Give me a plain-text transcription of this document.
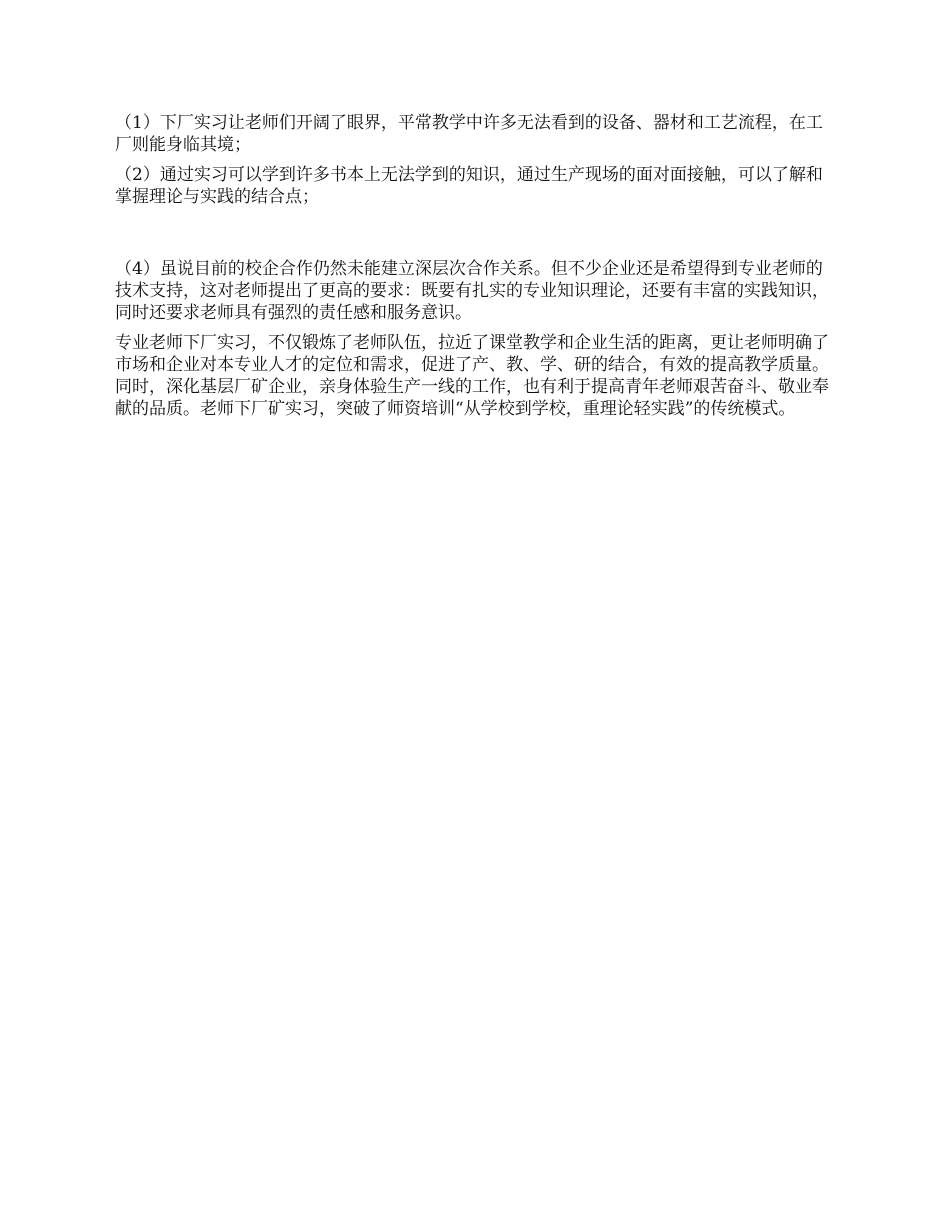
（1）下厂实习让老师们开阔了眼界，平常教学中许多无法看到的设备、器材和工艺流程，在工厂则能身临其境；

（2）通过实习可以学到许多书本上无法学到的知识，通过生产现场的面对面接触，可以了解和掌握理论与实践的结合点；

（4）虽说目前的校企合作仍然未能建立深层次合作关系。但不少企业还是希望得到专业老师的技术支持，这对老师提出了更高的要求：既要有扎实的专业知识理论，还要有丰富的实践知识，同时还要求老师具有强烈的责任感和服务意识。

专业老师下厂实习，不仅锻炼了老师队伍，拉近了课堂教学和企业生活的距离，更让老师明确了市场和企业对本专业人才的定位和需求，促进了产、教、学、研的结合，有效的提高教学质量。同时，深化基层厂矿企业，亲身体验生产一线的工作，也有利于提高青年老师艰苦奋斗、敬业奉献的品质。老师下厂矿实习，突破了师资培训“从学校到学校，重理论轻实践”的传统模式。
